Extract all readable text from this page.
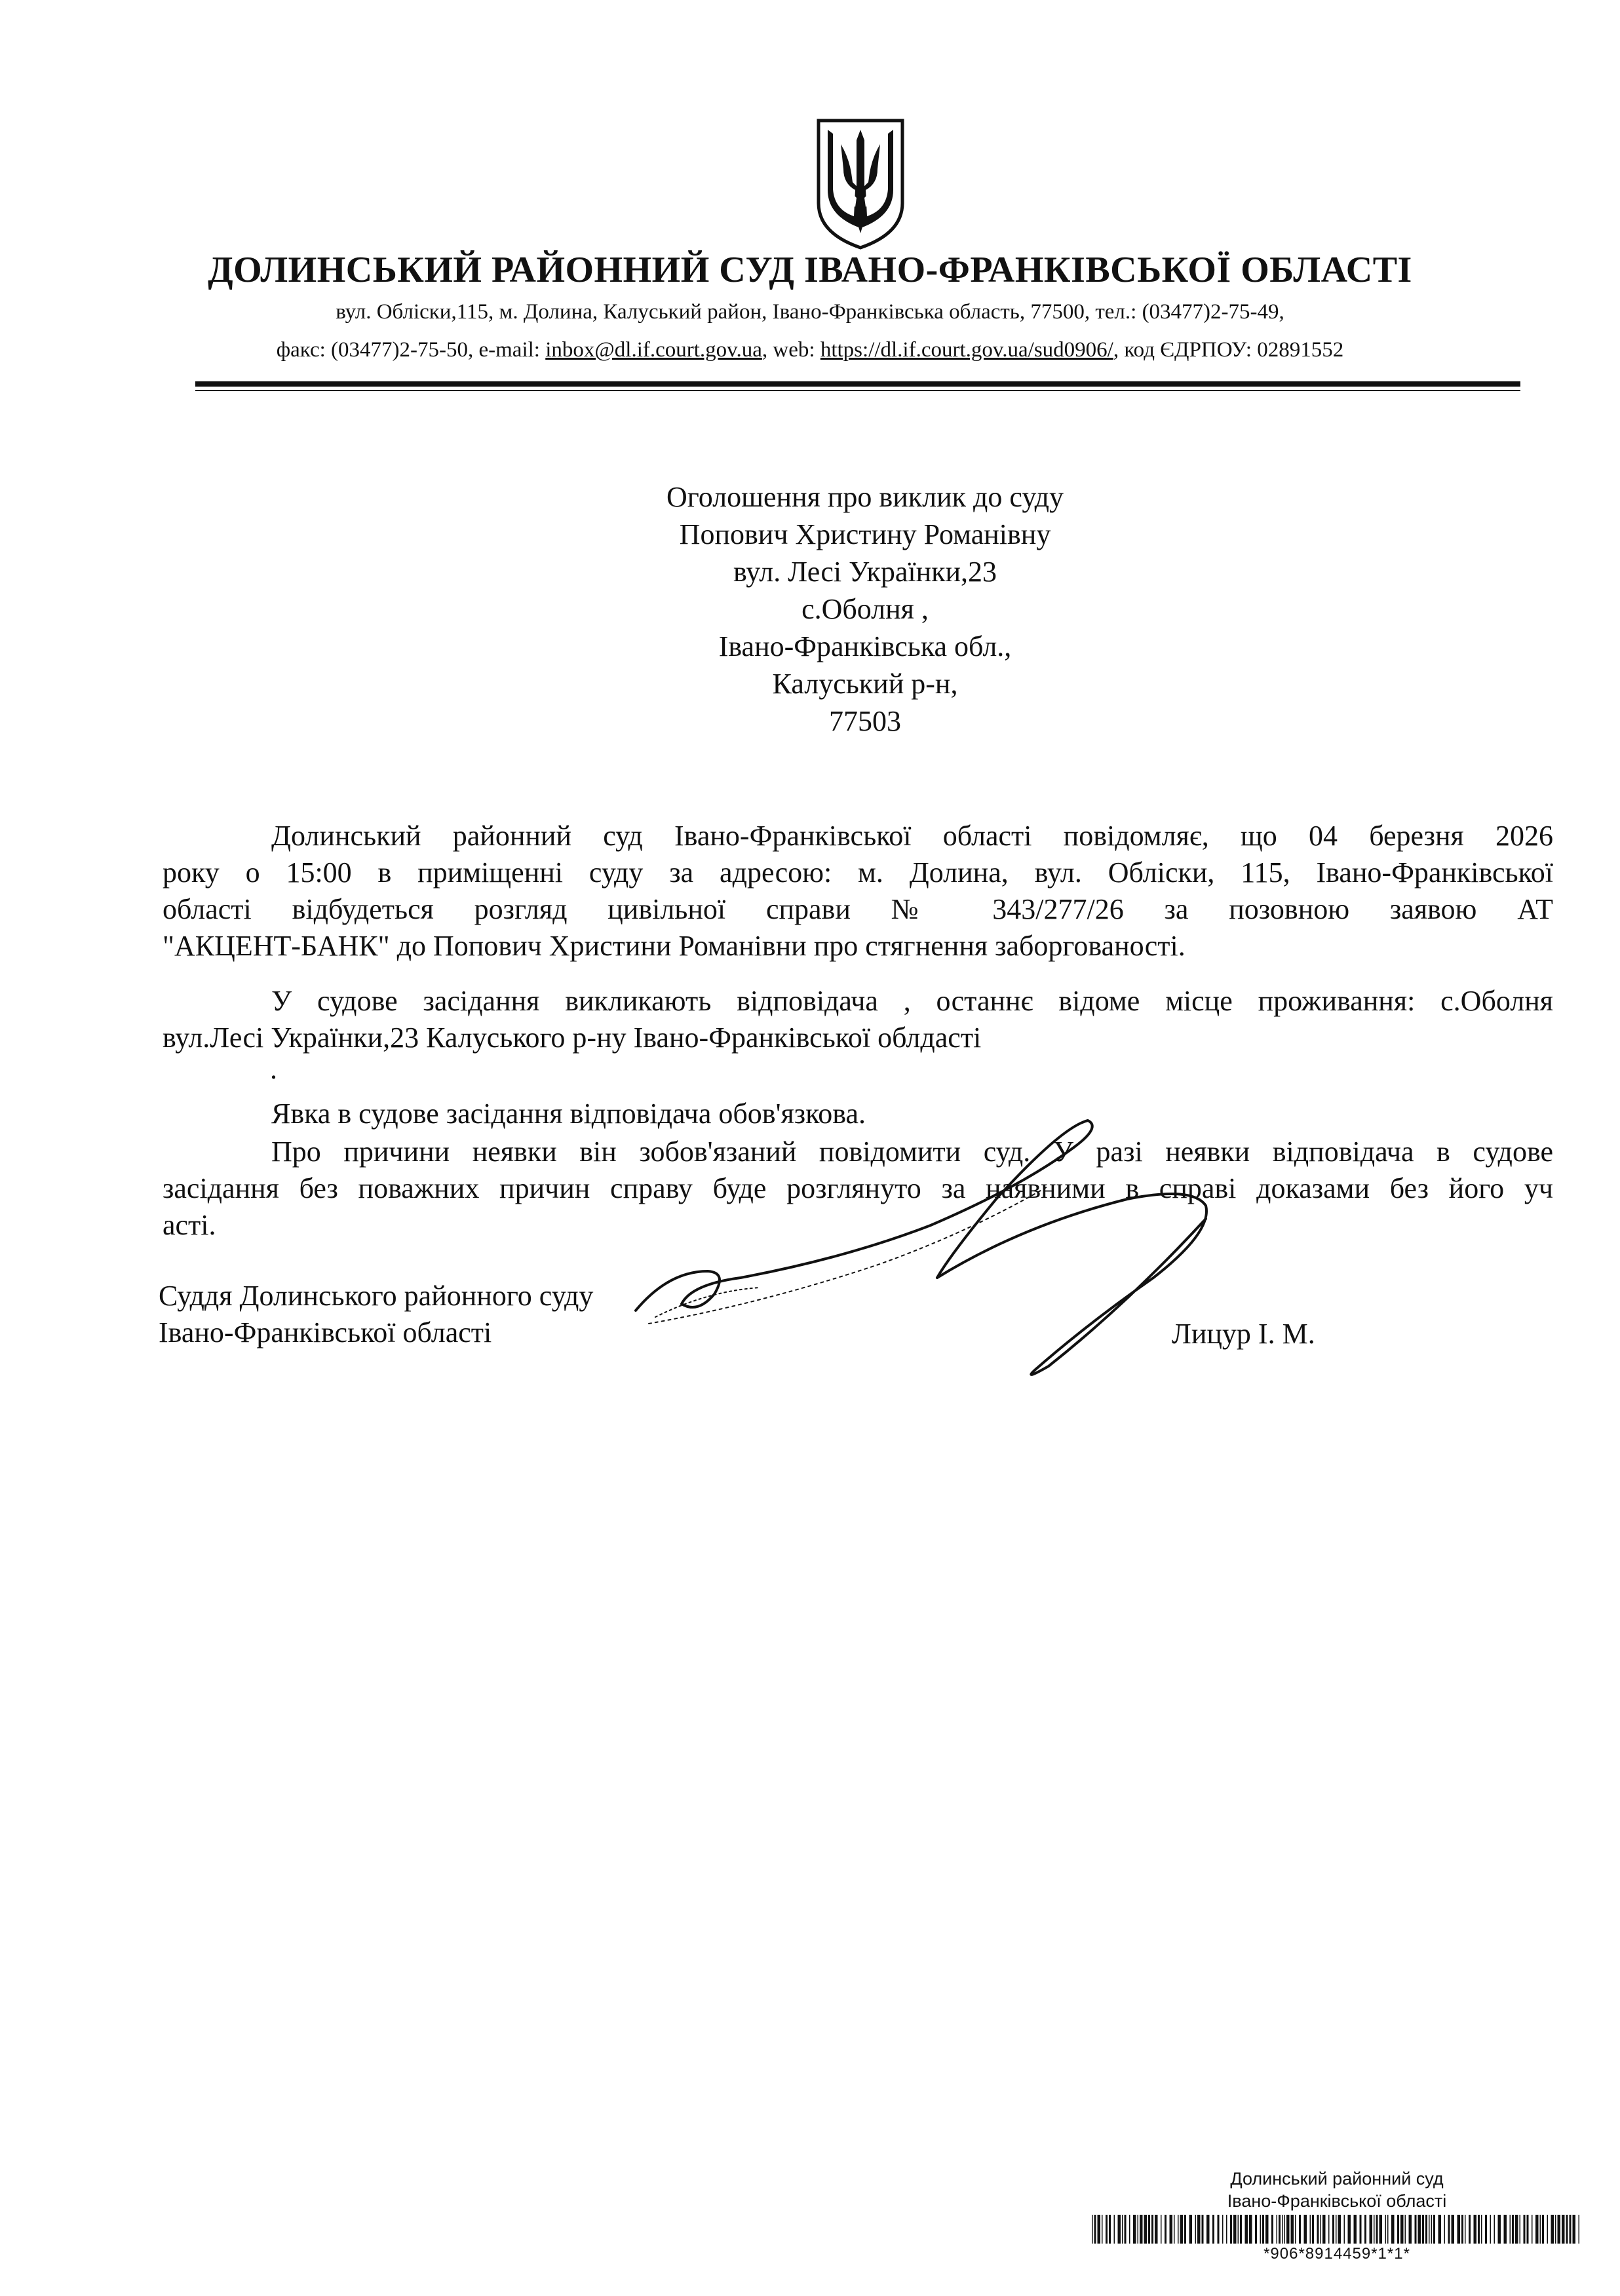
ДОЛИНСЬКИЙ РАЙОННИЙ СУД ІВАНО-ФРАНКІВСЬКОЇ ОБЛАСТІ
вул. Обліски,115, м. Долина, Калуський район, Івано-Франківська область, 77500, тел.: (03477)2-75-49,
факс: (03477)2-75-50, e-mail: inbox@dl.if.court.gov.ua, web: https://dl.if.court.gov.ua/sud0906/, код ЄДРПОУ: 02891552
Оголошення про виклик до суду
Попович Христину Романівну
вул. Лесі Українки,23
с.Оболня ,
Івано-Франківська обл.,
Калуський р-н,
77503
Долинський районний суд Івано-Франківської області повідомляє, що 04 березня 2026
року о 15:00 в приміщенні суду за адресою: м. Долина, вул. Обліски, 115, Івано-Франківської
області відбудеться розгляд цивільної справи № 343/277/26 за позовною заявою АТ
"АКЦЕНТ-БАНК" до Попович Христини Романівни про стягнення заборгованості.
У судове засідання викликають відповідача , останнє відоме місце проживання: с.Оболня
вул.Лесі Українки,23 Калуського р-ну Івано-Франківської облдасті
.
Явка в судове засідання відповідача обов'язкова.
Про причини неявки він зобов'язаний повідомити суд. У разі неявки відповідача в судове
засідання без поважних причин справу буде розглянуто за наявними в справі доказами без його уч
асті.
Суддя Долинського районного суду
Івано-Франківської області	Лицур І. М.
Долинський районний суд
Івано-Франківської області
*906*8914459*1*1*
